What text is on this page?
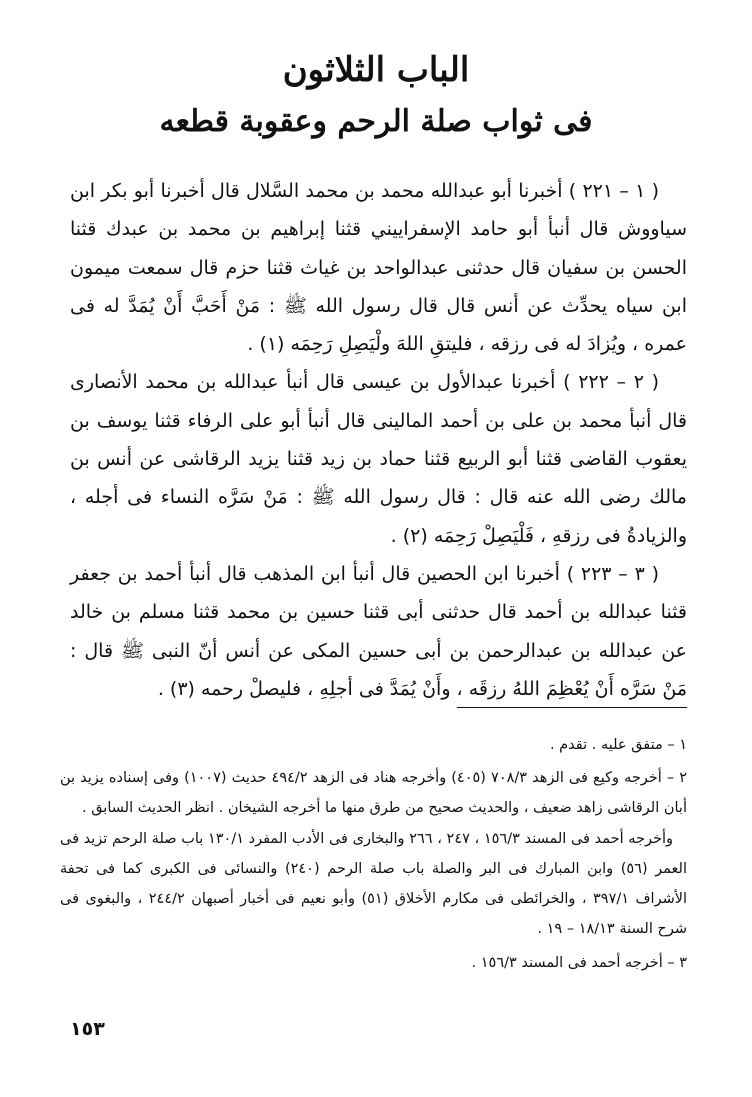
الباب الثلاثون
فى ثواب صلة الرحم وعقوبة قطعه

( ١ – ٢٢١ ) أخبرنا أبو عبدالله محمد بن محمد السَّلال قال أخبرنا أبو بكر ابن سياووش قال أنبأ أبو حامد الإسفراييني قثنا إبراهيم بن محمد بن عبدك قثنا الحسن بن سفيان قال حدثنى عبدالواحد بن غياث قثنا حزم قال سمعت ميمون ابن سياه يحدِّث عن أنس قال قال رسول الله ﷺ : مَنْ أَحَبَّ أَنْ يُمَدَّ له فى عمره ، ويُزادَ له فى رزقه ، فليتقِ اللهَ ولْيَصِلِ رَحِمَه (١) .

( ٢ – ٢٢٢ ) أخبرنا عبدالأول بن عيسى قال أنبأ عبدالله بن محمد الأنصارى قال أنبأ محمد بن على بن أحمد المالينى قال أنبأ أبو على الرفاء قثنا يوسف بن يعقوب القاضى قثنا أبو الربيع قثنا حماد بن زيد قثنا يزيد الرقاشى عن أنس بن مالك رضى الله عنه قال : قال رسول الله ﷺ : مَنْ سَرَّه النساء فى أجله ، والزيادةُ فى رزقهِ ، فَلْيَصِلْ رَحِمَه (٢) .

( ٣ – ٢٢٣ ) أخبرنا ابن الحصين قال أنبأ ابن المذهب قال أنبأ أحمد بن جعفر قثنا عبدالله بن أحمد قال حدثنى أبى قثنا حسين بن محمد قثنا مسلم بن خالد عن عبدالله بن عبدالرحمن بن أبى حسين المكى عن أنس أنّ النبى ﷺ قال : مَنْ سَرَّه أَنْ يُعْظِمَ اللهُ رزقَه ، وأَنْ يُمَدَّ فى أجلِهِ ، فليصلْ رحمه (٣) .

١ – متفق عليه . تقدم .

٢ – أخرجه وكيع فى الزهد ٧٠٨/٣ (٤٠٥) وأخرجه هناد فى الزهد ٤٩٤/٢ حديث (١٠٠٧) وفى إسناده يزيد بن أبان الرقاشى زاهد ضعيف ، والحديث صحيح من طرق منها ما أخرجه الشيخان . انظر الحديث السابق .

وأخرجه أحمد فى المسند ١٥٦/٣ ، ٢٤٧ ، ٢٦٦ والبخارى فى الأدب المفرد ١٣٠/١ باب صلة الرحم تزيد فى العمر (٥٦) وابن المبارك فى البر والصلة باب صلة الرحم (٢٤٠) والنسائى فى الكبرى كما فى تحفة الأشراف ٣٩٧/١ ، والخرائطى فى مكارم الأخلاق (٥١) وأبو نعيم فى أخبار أصبهان ٢٤٤/٢ ، والبغوى فى شرح السنة ١٨/١٣ – ١٩ .

٣ – أخرجه أحمد فى المسند ١٥٦/٣ .

١٥٣
